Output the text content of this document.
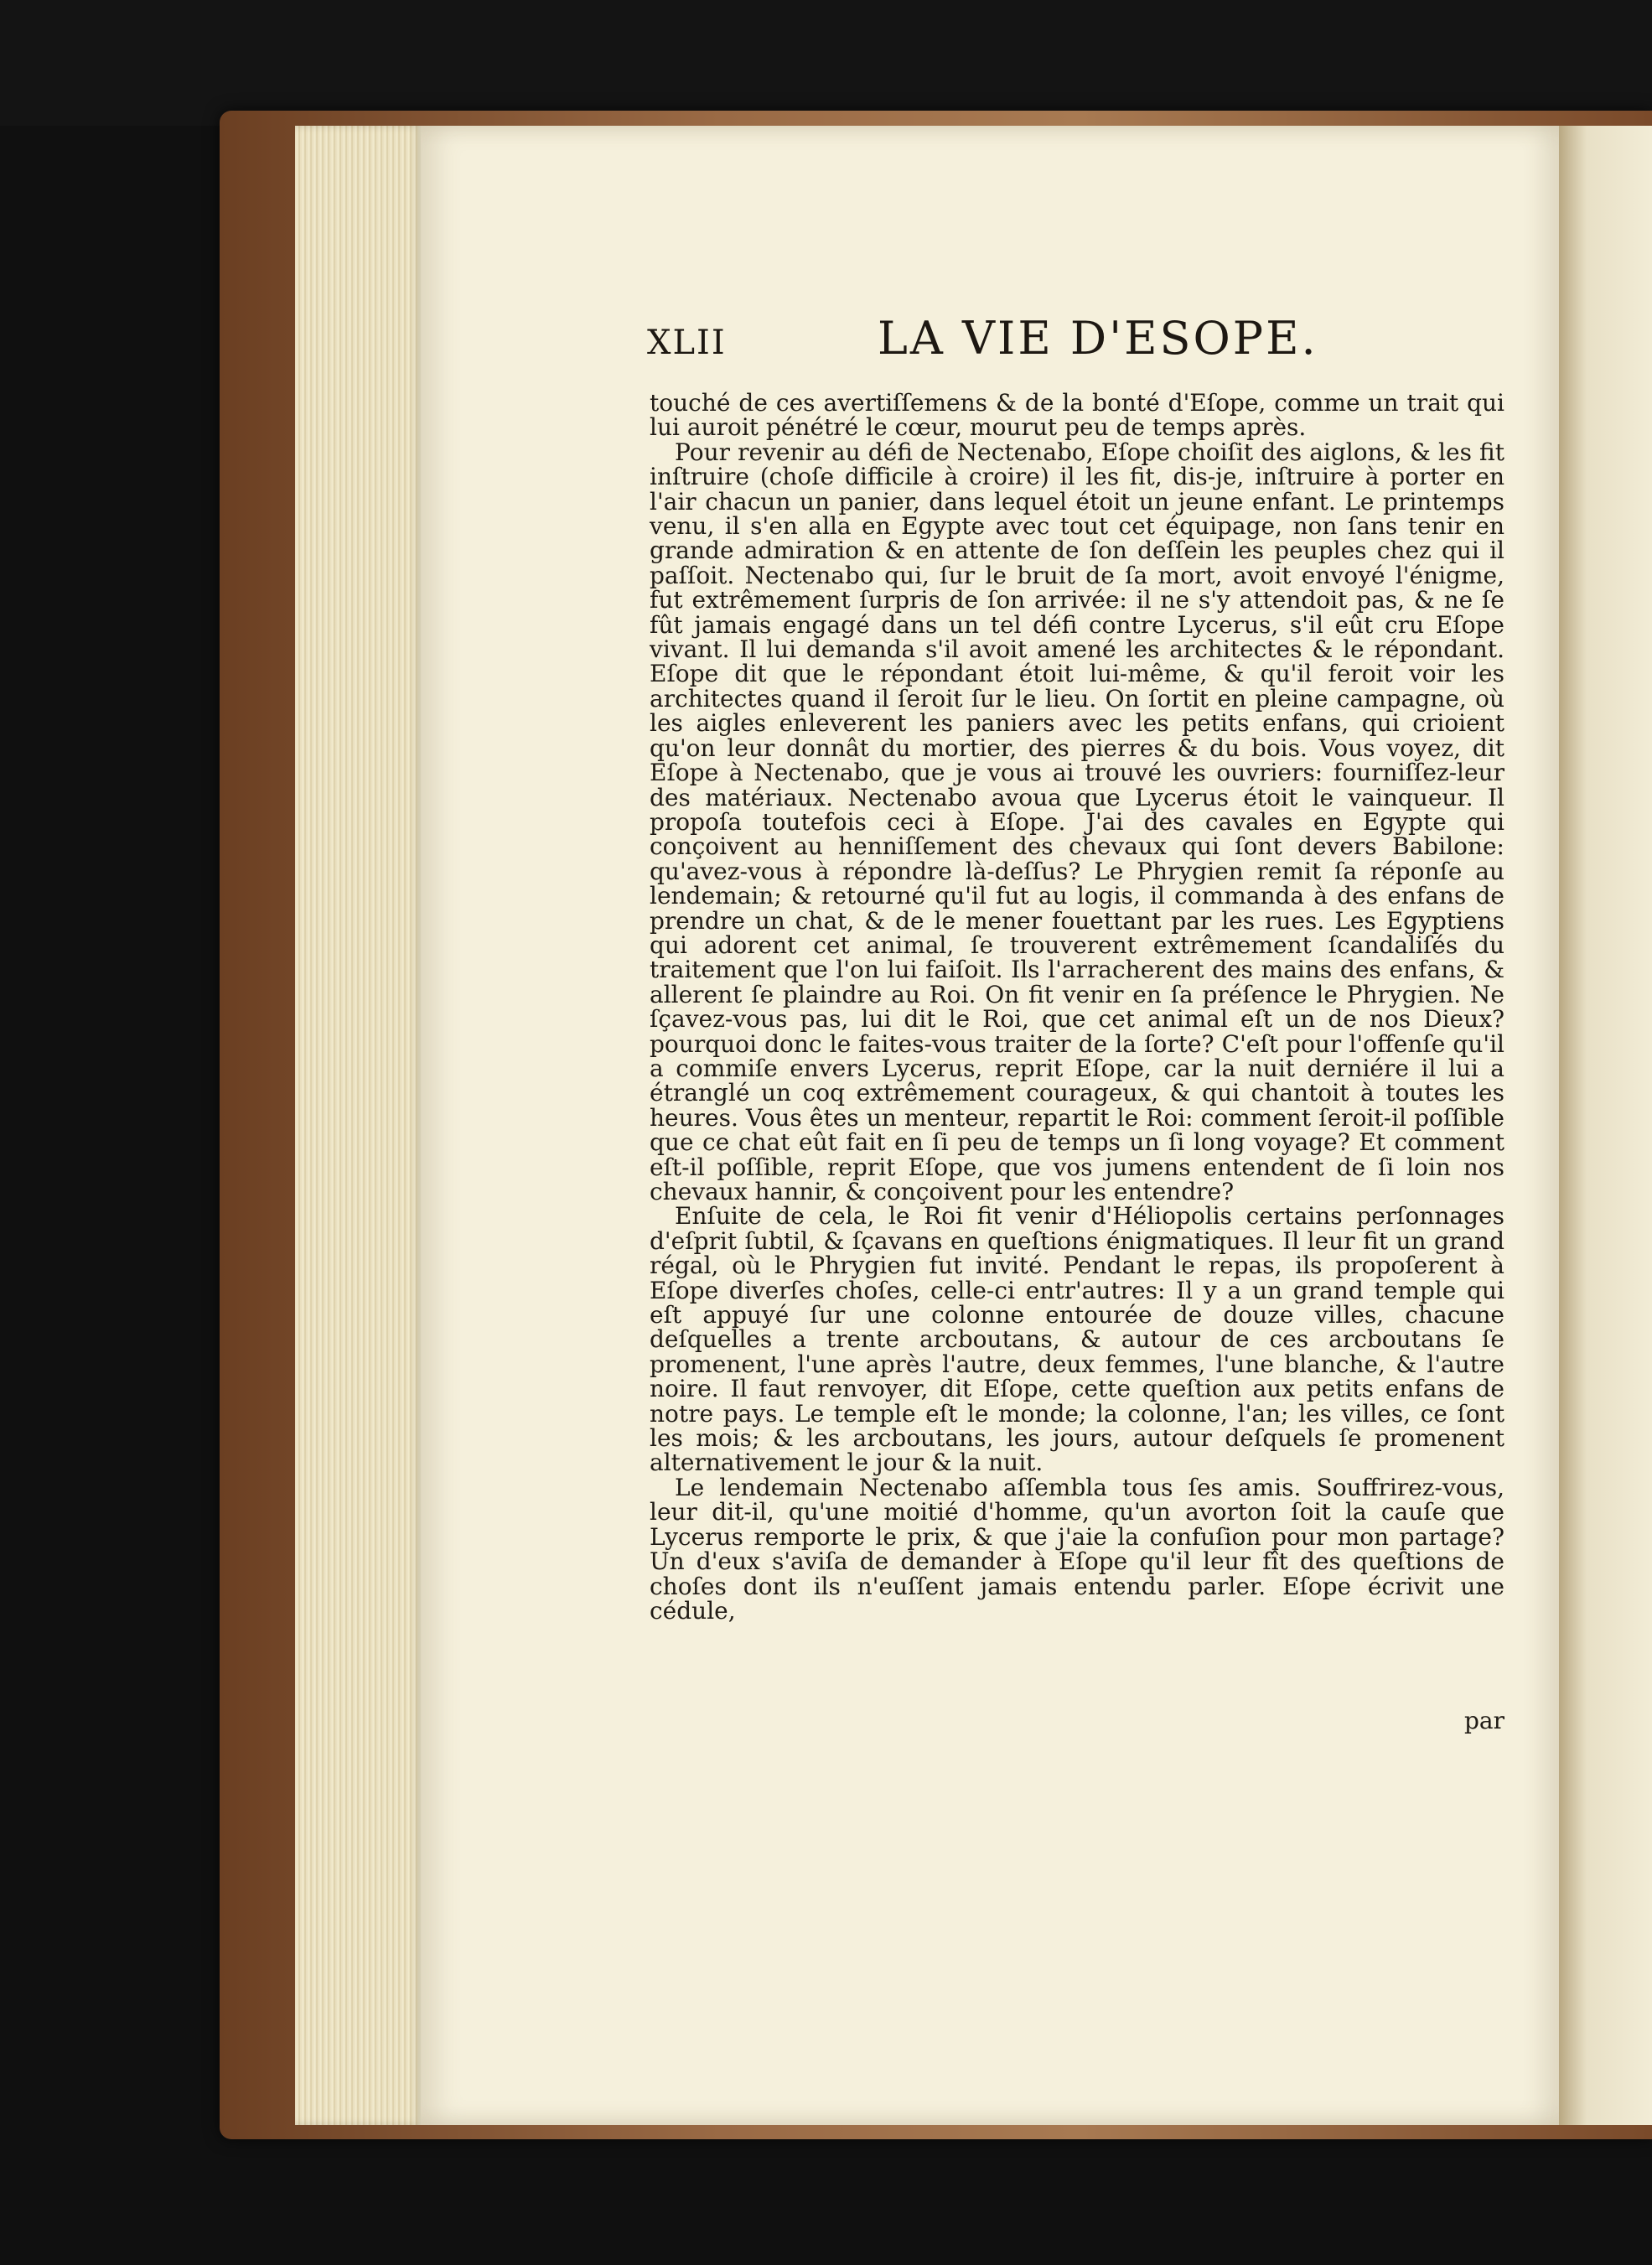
XLII	LA VIE D'ESOPE.

touché de ces avertiſſemens & de la bonté d'Eſope, comme un trait qui lui auroit pénétré le cœur, mourut peu de temps après.

Pour revenir au défi de Nectenabo, Eſope choiſit des aiglons, & les fit inſtruire (choſe difficile à croire) il les fit, dis-je, inſtruire à porter en l'air chacun un panier, dans lequel étoit un jeune enfant. Le printemps venu, il s'en alla en Egypte avec tout cet équipage, non ſans tenir en grande admiration & en attente de ſon deſſein les peuples chez qui il paſſoit. Nectenabo qui, ſur le bruit de ſa mort, avoit envoyé l'énigme, fut extrêmement ſurpris de ſon arrivée: il ne s'y attendoit pas, & ne ſe fût jamais engagé dans un tel défi contre Lycerus, s'il eût cru Eſope vivant. Il lui demanda s'il avoit amené les architectes & le répondant. Eſope dit que le répondant étoit lui-même, & qu'il feroit voir les architectes quand il ſeroit ſur le lieu. On ſortit en pleine campagne, où les aigles enleverent les paniers avec les petits enfans, qui crioient qu'on leur donnât du mortier, des pierres & du bois. Vous voyez, dit Eſope à Nectenabo, que je vous ai trouvé les ouvriers: fourniſſez-leur des matériaux. Nectenabo avoua que Lycerus étoit le vainqueur. Il propoſa toutefois ceci à Eſope. J'ai des cavales en Egypte qui conçoivent au henniſſement des chevaux qui ſont devers Babilone: qu'avez-vous à répondre là-deſſus? Le Phrygien remit ſa réponſe au lendemain; & retourné qu'il fut au logis, il commanda à des enfans de prendre un chat, & de le mener fouettant par les rues. Les Egyptiens qui adorent cet animal, ſe trouverent extrêmement ſcandaliſés du traitement que l'on lui faiſoit. Ils l'arracherent des mains des enfans, & allerent ſe plaindre au Roi. On fit venir en ſa préſence le Phrygien. Ne ſçavez-vous pas, lui dit le Roi, que cet animal eſt un de nos Dieux? pourquoi donc le faites-vous traiter de la ſorte? C'eſt pour l'offenſe qu'il a commiſe envers Lycerus, reprit Eſope, car la nuit derniére il lui a étranglé un coq extrêmement courageux, & qui chantoit à toutes les heures. Vous êtes un menteur, repartit le Roi: comment ſeroit-il poſſible que ce chat eût fait en ſi peu de temps un ſi long voyage? Et comment eſt-il poſſible, reprit Eſope, que vos jumens entendent de ſi loin nos chevaux hannir, & conçoivent pour les entendre?

Enſuite de cela, le Roi fit venir d'Héliopolis certains perſonnages d'eſprit ſubtil, & ſçavans en queſtions énigmatiques. Il leur fit un grand régal, où le Phrygien fut invité. Pendant le repas, ils propoſerent à Eſope diverſes choſes, celle-ci entr'autres: Il y a un grand temple qui eſt appuyé ſur une colonne entourée de douze villes, chacune deſquelles a trente arcboutans, & autour de ces arcboutans ſe promenent, l'une après l'autre, deux femmes, l'une blanche, & l'autre noire. Il faut renvoyer, dit Eſope, cette queſtion aux petits enfans de notre pays. Le temple eſt le monde; la colonne, l'an; les villes, ce ſont les mois; & les arcboutans, les jours, autour deſquels ſe promenent alternativement le jour & la nuit.

Le lendemain Nectenabo aſſembla tous ſes amis. Souffrirez-vous, leur dit-il, qu'une moitié d'homme, qu'un avorton ſoit la cauſe que Lycerus remporte le prix, & que j'aie la confuſion pour mon partage? Un d'eux s'aviſa de demander à Eſope qu'il leur fît des queſtions de choſes dont ils n'euſſent jamais entendu parler. Eſope écrivit une cédule,

par
